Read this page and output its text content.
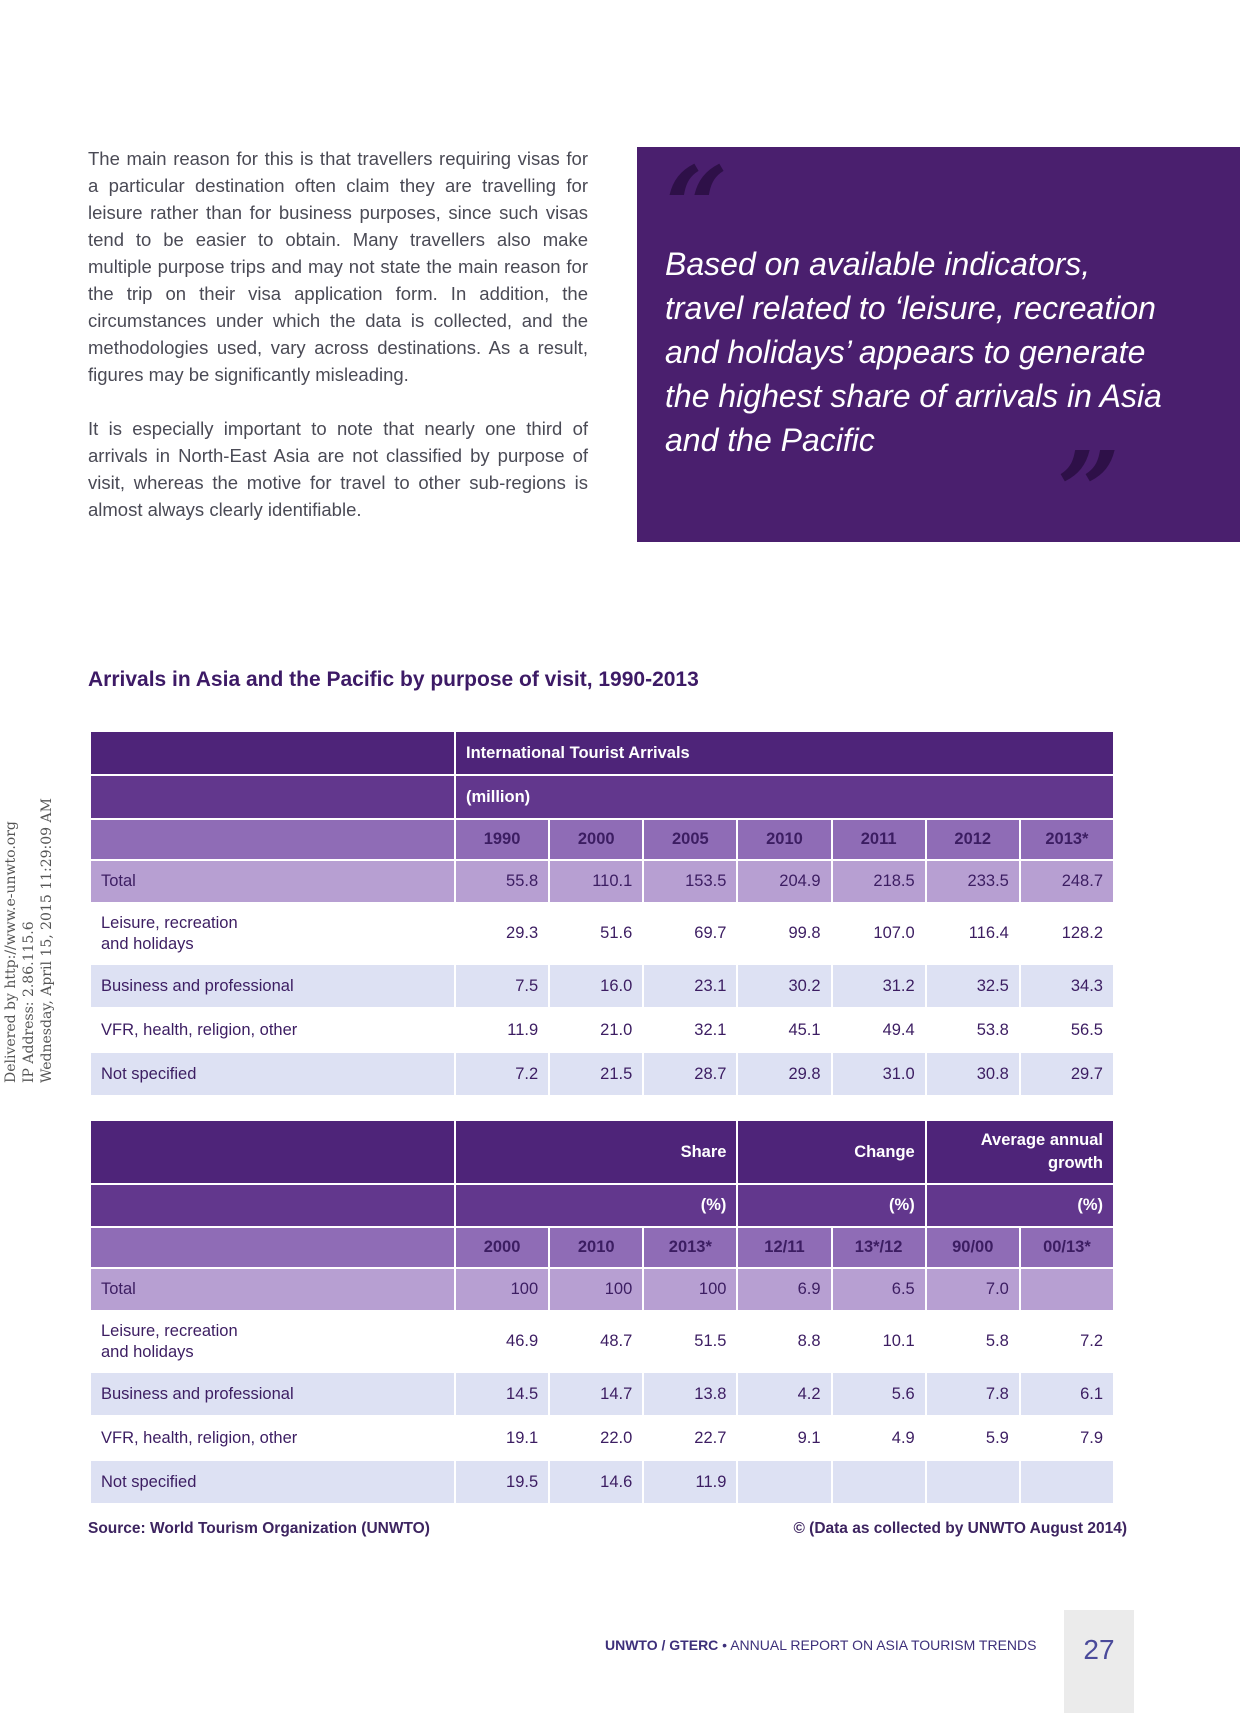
The main reason for this is that travellers requiring visas for a particular destination often claim they are travelling for leisure rather than for business purposes, since such visas tend to be easier to obtain. Many travellers also make multiple purpose trips and may not state the main reason for the trip on their visa application form. In addition, the circumstances under which the data is collected, and the methodologies used, vary across destinations. As a result, figures may be significantly misleading.

It is especially important to note that nearly one third of arrivals in North-East Asia are not classified by purpose of visit, whereas the motive for travel to other sub-regions is almost always clearly identifiable.

“

Based on available indicators, travel related to ‘leisure, recreation and holidays’ appears to generate the highest share of arrivals in Asia and the Pacific	”
Arrivals in Asia and the Pacific by purpose of visit, 1990-2013
	International Tourist Arrivals						
	(million)						
	1990	2000	2005	2010	2011	2012	2013*
Total	55.8	110.1	153.5	204.9	218.5	233.5	248.7
Leisure, recreation
and holidays	29.3	51.6	69.7	99.8	107.0	116.4	128.2
Business and professional	7.5	16.0	23.1	30.2	31.2	32.5	34.3
VFR, health, religion, other	11.9	21.0	32.1	45.1	49.4	53.8	56.5
Not specified	7.2	21.5	28.7	29.8	31.0	30.8	29.7
	Share			Change		Average annual growth	
	(%)			(%)		(%)	
	2000	2010	2013*	12/11	13*/12	90/00	00/13*
Total	100	100	100	6.9	6.5	7.0	
Leisure, recreation
and holidays	46.9	48.7	51.5	8.8	10.1	5.8	7.2
Business and professional	14.5	14.7	13.8	4.2	5.6	7.8	6.1
VFR, health, religion, other	19.1	22.0	22.7	9.1	4.9	5.9	7.9
Not specified	19.5	14.6	11.9				
Source: World Tourism Organization (UNWTO)	© (Data as collected by UNWTO August 2014)
Delivered by http://www.e-unwto.org IP Address: 2.86.115.6 Wednesday, April 15, 2015 11:29:09 AM
UNWTO / GTERC • ANNUAL REPORT ON ASIA TOURISM TRENDS	27
